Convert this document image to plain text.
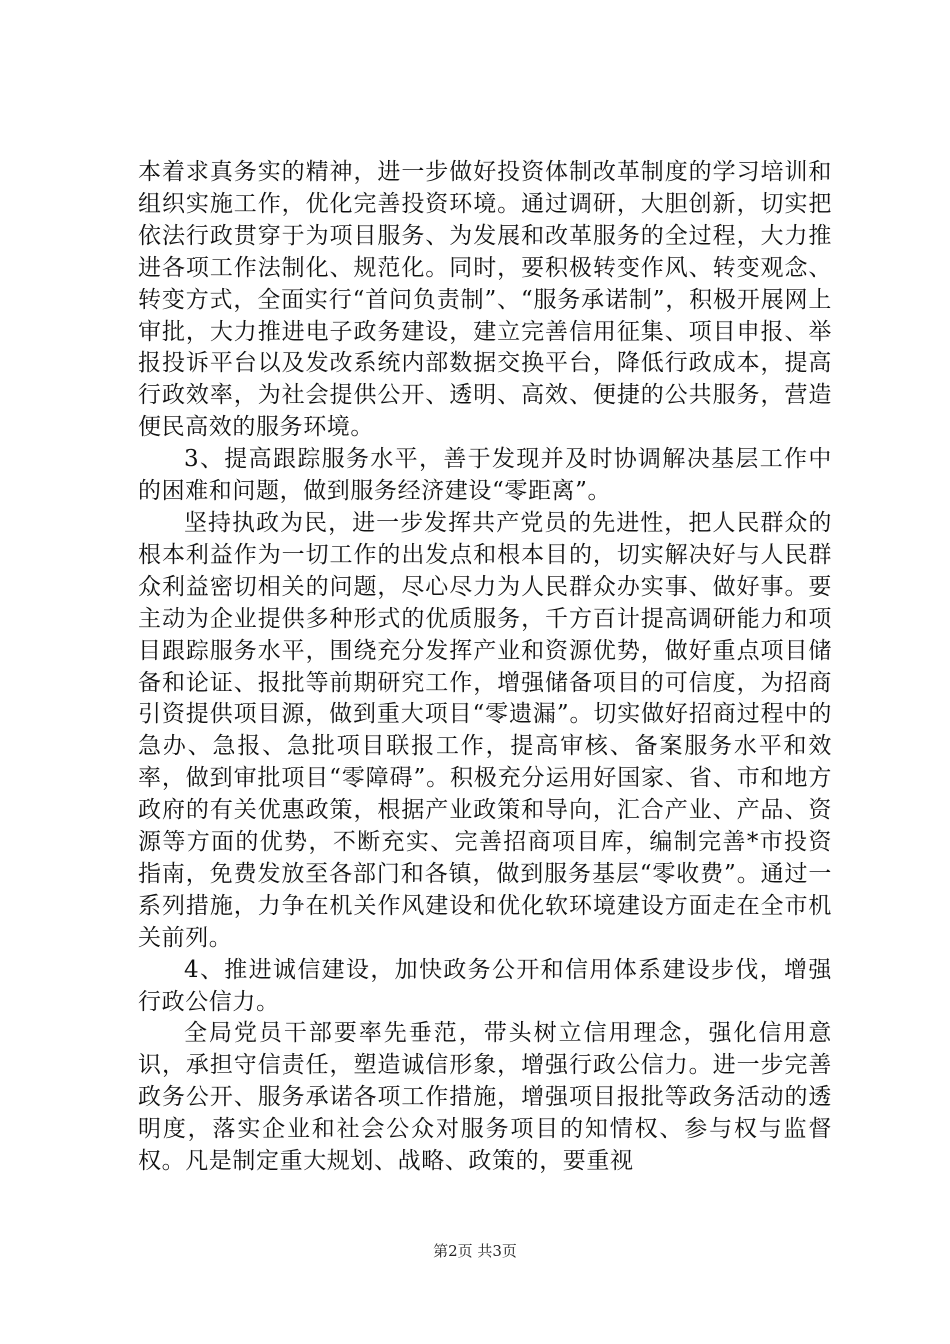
本着求真务实的精神，进一步做好投资体制改革制度的学习培训和组织实施工作，优化完善投资环境。通过调研，大胆创新，切实把依法行政贯穿于为项目服务、为发展和改革服务的全过程，大力推进各项工作法制化、规范化。同时，要积极转变作风、转变观念、转变方式，全面实行“首问负责制”、“服务承诺制”，积极开展网上审批，大力推进电子政务建设，建立完善信用征集、项目申报、举报投诉平台以及发改系统内部数据交换平台，降低行政成本，提高行政效率，为社会提供公开、透明、高效、便捷的公共服务，营造便民高效的服务环境。

3、提高跟踪服务水平，善于发现并及时协调解决基层工作中的困难和问题，做到服务经济建设“零距离”。

坚持执政为民，进一步发挥共产党员的先进性，把人民群众的根本利益作为一切工作的出发点和根本目的，切实解决好与人民群众利益密切相关的问题，尽心尽力为人民群众办实事、做好事。要主动为企业提供多种形式的优质服务，千方百计提高调研能力和项目跟踪服务水平，围绕充分发挥产业和资源优势，做好重点项目储备和论证、报批等前期研究工作，增强储备项目的可信度，为招商引资提供项目源，做到重大项目“零遗漏”。切实做好招商过程中的急办、急报、急批项目联报工作，提高审核、备案服务水平和效率，做到审批项目“零障碍”。积极充分运用好国家、省、市和地方政府的有关优惠政策，根据产业政策和导向，汇合产业、产品、资源等方面的优势，不断充实、完善招商项目库，编制完善*市投资指南，免费发放至各部门和各镇，做到服务基层“零收费”。通过一系列措施，力争在机关作风建设和优化软环境建设方面走在全市机关前列。

4、推进诚信建设，加快政务公开和信用体系建设步伐，增强行政公信力。

全局党员干部要率先垂范，带头树立信用理念，强化信用意识，承担守信责任，塑造诚信形象，增强行政公信力。进一步完善政务公开、服务承诺各项工作措施，增强项目报批等政务活动的透明度，落实企业和社会公众对服务项目的知情权、参与权与监督权。凡是制定重大规划、战略、政策的，要重视

第2页 共3页
